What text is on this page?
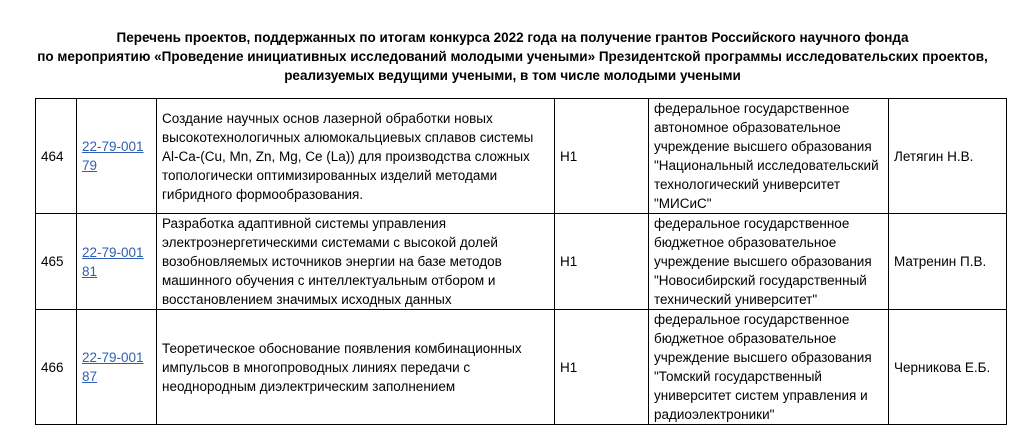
Перечень проектов, поддержанных по итогам конкурса 2022 года на получение грантов Российского научного фонда
по мероприятию «Проведение инициативных исследований молодыми учеными» Президентской программы исследовательских проектов,
реализуемых ведущими учеными, в том числе молодыми учеными
464	22-79-00179	Создание научных основ лазерной обработки новых высокотехнологичных алюмокальциевых сплавов системы Al-Ca-(Cu, Mn, Zn, Mg, Ce (La)) для производства сложных топологически оптимизированных изделий методами гибридного формообразования.	Н1	федеральное государственное автономное образовательное учреждение высшего образования "Национальный исследовательский технологический университет "МИСиС"	Летягин Н.В.
465	22-79-00181	Разработка адаптивной системы управления электроэнергетическими системами с высокой долей возобновляемых источников энергии на базе методов машинного обучения с интеллектуальным отбором и восстановлением значимых исходных данных	Н1	федеральное государственное бюджетное образовательное учреждение высшего образования "Новосибирский государственный технический университет"	Матренин П.В.
466	22-79-00187	Теоретическое обоснование появления комбинационных импульсов в многопроводных линиях передачи с неоднородным диэлектрическим заполнением	Н1	федеральное государственное бюджетное образовательное учреждение высшего образования "Томский государственный университет систем управления и радиоэлектроники"	Черникова Е.Б.
